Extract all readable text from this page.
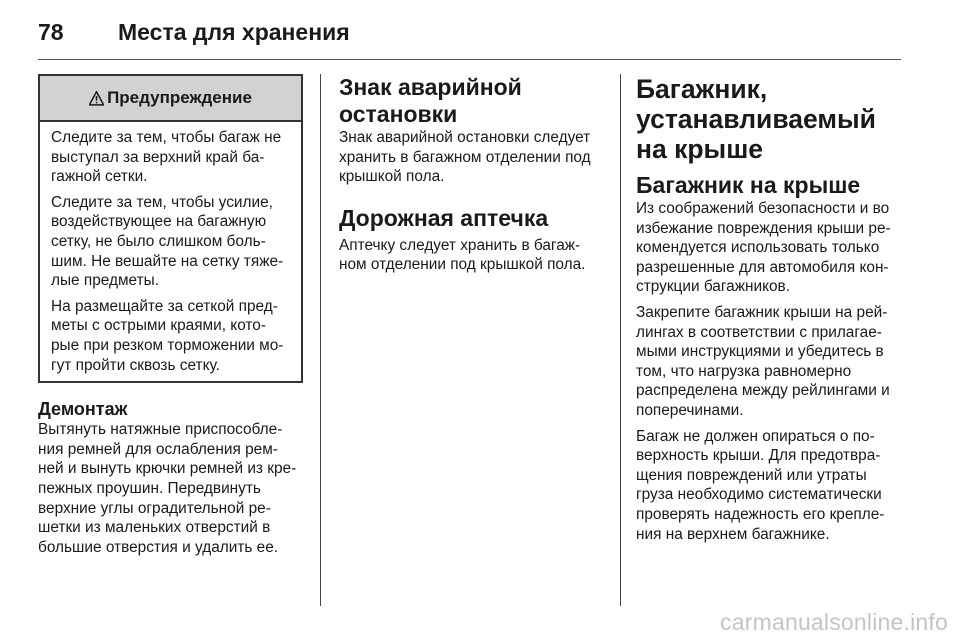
78	Места для хранения
Предупреждение

Следите за тем, чтобы багаж не выступал за верхний край ба-гажной сетки.

Следите за тем, чтобы усилие, воздействующее на багажную сетку, не было слишком боль-шим. Не вешайте на сетку тяже-лые предметы.

На размещайте за сеткой пред-меты с острыми краями, кото-рые при резком торможении мо-гут пройти сквозь сетку.

Демонтаж

Вытянуть натяжные приспособле-ния ремней для ослабления рем-ней и вынуть крючки ремней из кре-пежных проушин. Передвинуть верхние углы оградительной ре-шетки из маленьких отверстий в большие отверстия и удалить ее.

Знак аварийной остановки

Знак аварийной остановки следует хранить в багажном отделении под крышкой пола.

Дорожная аптечка

Аптечку следует хранить в багаж-ном отделении под крышкой пола.

Багажник, устанавливаемый на крыше
Багажник на крыше

Из соображений безопасности и во избежание повреждения крыши ре-комендуется использовать только разрешенные для автомобиля кон-струкции багажников.

Закрепите багажник крыши на рей-лингах в соответствии с прилагае-мыми инструкциями и убедитесь в том, что нагрузка равномерно распределена между рейлингами и поперечинами.

Багаж не должен опираться о по-верхность крыши. Для предотвра-щения повреждений или утраты груза необходимо систематически проверять надежность его крепле-ния на верхнем багажнике.

carmanualsonline.info
